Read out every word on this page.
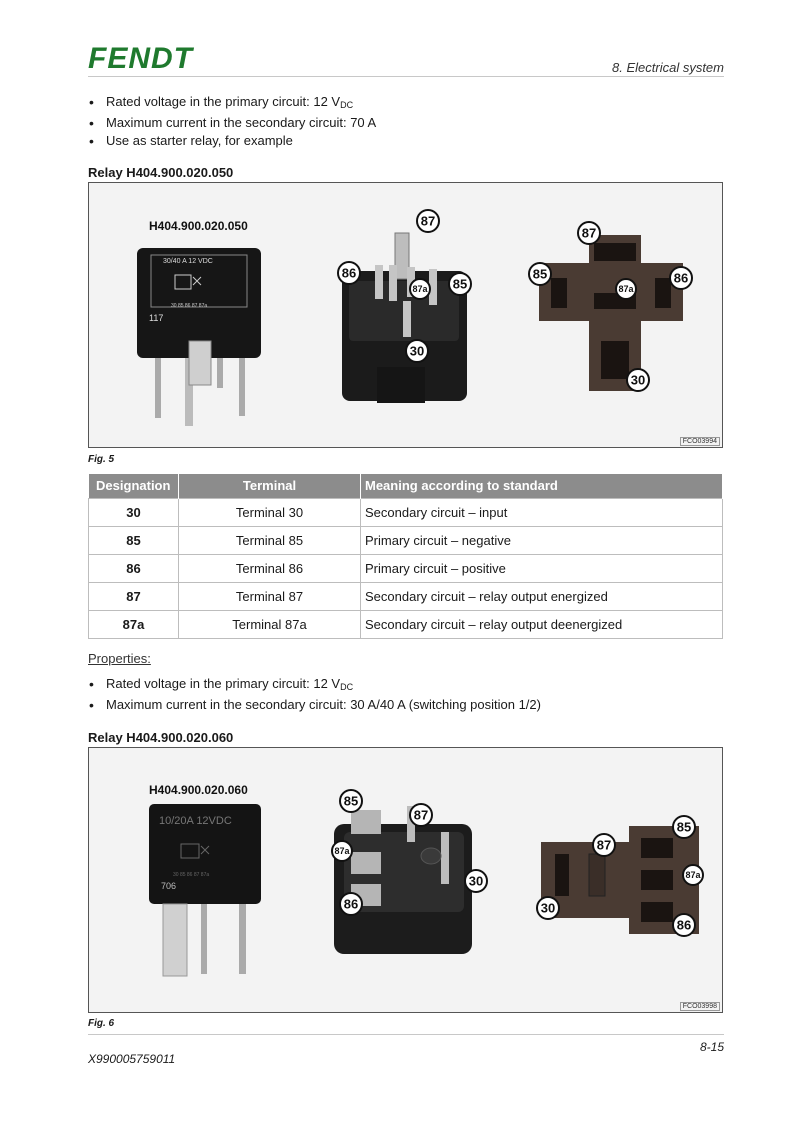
FENDT	8. Electrical system
• Rated voltage in the primary circuit: 12 $V_{DC}$
• Maximum current in the secondary circuit: 70 A
• Use as starter relay, for example
Relay H404.900.020.050
30/40 A 12 VDC
30 85 86 87 87a
117
87
86
87a 85
30
87
85
87a
86
30
H404.900.020.050
FCO03994
Fig. 5
Designation	Terminal	Meaning according to standard
30	Terminal 30	Secondary circuit – input
85	Terminal 85	Primary circuit – negative
86	Terminal 86	Primary circuit – positive
87	Terminal 87	Secondary circuit – relay output energized
87a	Terminal 87a	Secondary circuit – relay output deenergized
Properties:
• Rated voltage in the primary circuit: 12 $V_{DC}$
• Maximum current in the secondary circuit: 30 A/40 A (switching position 1/2)
Relay H404.900.020.060
10/20A 12VDC
30 85 86 87 87a
706
85
87
87a
30
86
85
87
87a
30
86
H404.900.020.060
FCO03998
Fig. 6
8-15
X990005759011
